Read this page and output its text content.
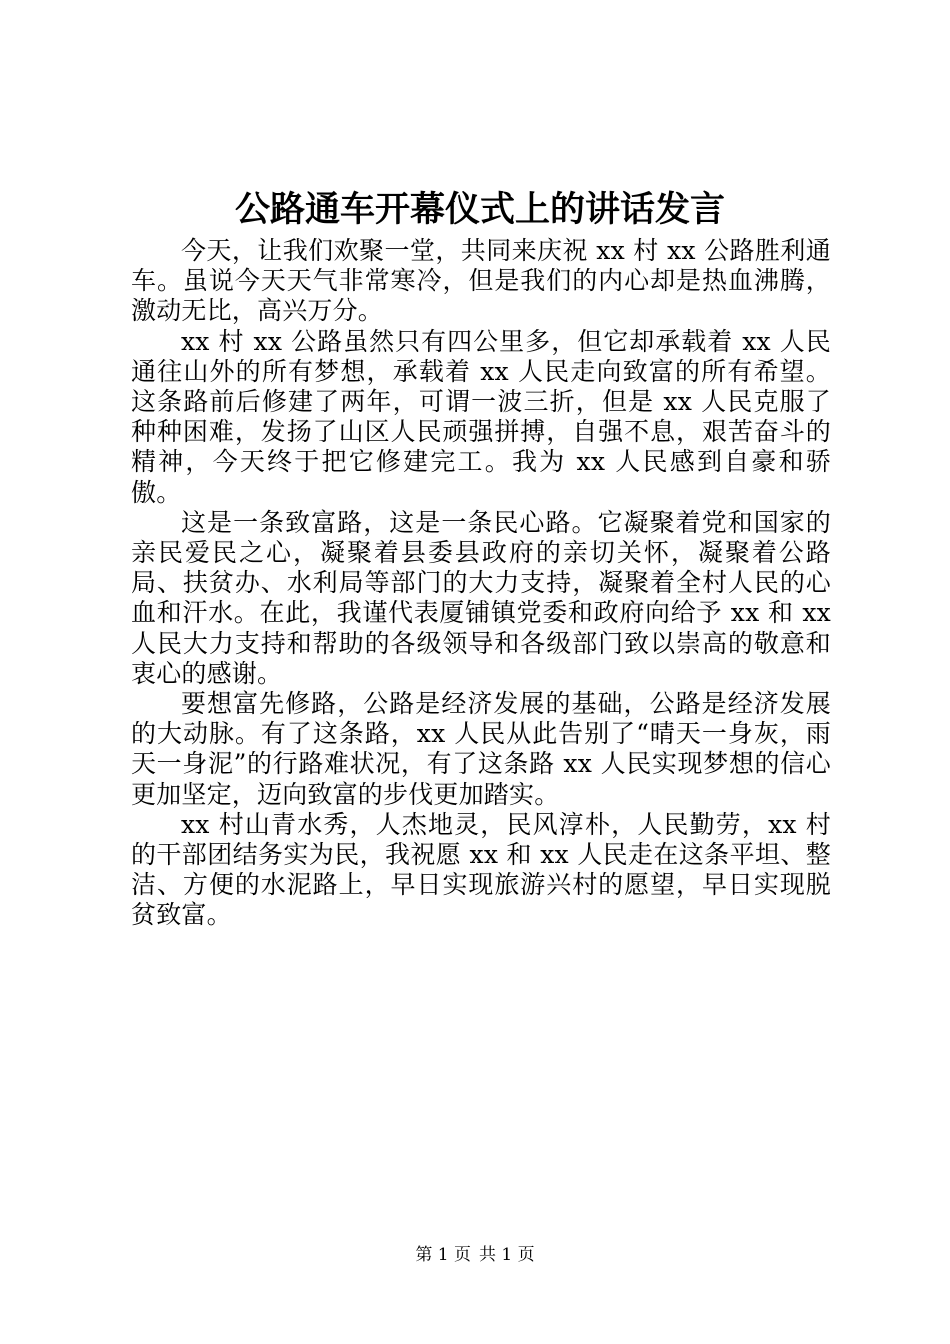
公路通车开幕仪式上的讲话发言

今天，让我们欢聚一堂，共同来庆祝 xx 村 xx 公路胜利通车。虽说今天天气非常寒冷，但是我们的内心却是热血沸腾，激动无比，高兴万分。

xx 村 xx 公路虽然只有四公里多，但它却承载着 xx 人民通往山外的所有梦想，承载着 xx 人民走向致富的所有希望。这条路前后修建了两年，可谓一波三折，但是 xx 人民克服了种种困难，发扬了山区人民顽强拼搏，自强不息，艰苦奋斗的精神，今天终于把它修建完工。我为 xx 人民感到自豪和骄傲。

这是一条致富路，这是一条民心路。它凝聚着党和国家的亲民爱民之心，凝聚着县委县政府的亲切关怀，凝聚着公路局、扶贫办、水利局等部门的大力支持，凝聚着全村人民的心血和汗水。在此，我谨代表厦铺镇党委和政府向给予 xx 和 xx 人民大力支持和帮助的各级领导和各级部门致以崇高的敬意和衷心的感谢。

要想富先修路，公路是经济发展的基础，公路是经济发展的大动脉。有了这条路，xx 人民从此告别了“晴天一身灰，雨天一身泥”的行路难状况，有了这条路 xx 人民实现梦想的信心更加坚定，迈向致富的步伐更加踏实。

xx 村山青水秀，人杰地灵，民风淳朴，人民勤劳，xx 村的干部团结务实为民，我祝愿 xx 和 xx 人民走在这条平坦、整洁、方便的水泥路上，早日实现旅游兴村的愿望，早日实现脱贫致富。

第 1 页 共 1 页
